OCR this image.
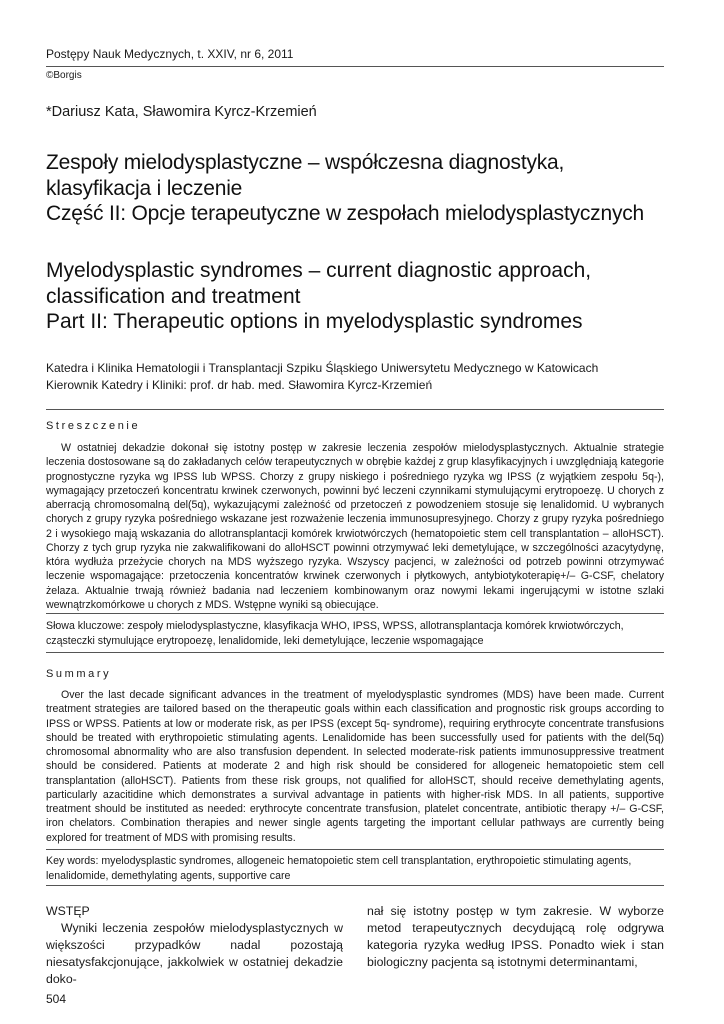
Postępy Nauk Medycznych, t. XXIV, nr 6, 2011
©Borgis
*Dariusz Kata, Sławomira Kyrcz-Krzemień
Zespoły mielodysplastyczne – współczesna diagnostyka,
klasyfikacja i leczenie
Część II: Opcje terapeutyczne w zespołach mielodysplastycznych
Myelodysplastic syndromes – current diagnostic approach,
classification and treatment
Part II: Therapeutic options in myelodysplastic syndromes
Katedra i Klinika Hematologii i Transplantacji Szpiku Śląskiego Uniwersytetu Medycznego w Katowicach
Kierownik Katedry i Kliniki: prof. dr hab. med. Sławomira Kyrcz-Krzemień
Streszczenie

W ostatniej dekadzie dokonał się istotny postęp w zakresie leczenia zespołów mielodysplastycznych. Aktualnie strategie leczenia dostosowane są do zakładanych celów terapeutycznych w obrębie każdej z grup klasyfikacyjnych i uwzględniają kategorie prognostyczne ryzyka wg IPSS lub WPSS. Chorzy z grupy niskiego i pośredniego ryzyka wg IPSS (z wyjątkiem zespołu 5q-), wymagający przetoczeń koncentratu krwinek czerwonych, powinni być leczeni czynnikami stymulującymi erytropoezę. U chorych z aberracją chromosomalną del(5q), wykazującymi zależność od przetoczeń z powodzeniem stosuje się lenalidomid. U wybranych chorych z grupy ryzyka pośredniego wskazane jest rozważenie leczenia immunosupresyjnego. Chorzy z grupy ryzyka pośredniego 2 i wysokiego mają wskazania do allotransplantacji komórek krwiotwórczych (hematopoietic stem cell transplantation – alloHSCT). Chorzy z tych grup ryzyka nie zakwalifikowani do alloHSCT powinni otrzymywać leki demetylujące, w szczególności azacytydynę, która wydłuża przeżycie chorych na MDS wyższego ryzyka. Wszyscy pacjenci, w zależności od potrzeb powinni otrzymywać leczenie wspomagające: przetoczenia koncentratów krwinek czerwonych i płytkowych, antybiotykoterapię+/– G-CSF, chelatory żelaza. Aktualnie trwają również badania nad leczeniem kombinowanym oraz nowymi lekami ingerującymi w istotne szlaki wewnątrzkomórkowe u chorych z MDS. Wstępne wyniki są obiecujące.

Słowa kluczowe: zespoły mielodysplastyczne, klasyfikacja WHO, IPSS, WPSS, allotransplantacja komórek krwiotwórczych, cząsteczki stymulujące erytropoezę, lenalidomide, leki demetylujące, leczenie wspomagające
Summary

Over the last decade significant advances in the treatment of myelodysplastic syndromes (MDS) have been made. Current treatment strategies are tailored based on the therapeutic goals within each classification and prognostic risk groups according to IPSS or WPSS. Patients at low or moderate risk, as per IPSS (except 5q- syndrome), requiring erythrocyte concentrate transfusions should be treated with erythropoietic stimulating agents. Lenalidomide has been successfully used for patients with the del(5q) chromosomal abnormality who are also transfusion dependent. In selected moderate-risk patients immunosuppressive treatment should be considered. Patients at moderate 2 and high risk should be considered for allogeneic hematopoietic stem cell transplantation (alloHSCT). Patients from these risk groups, not qualified for alloHSCT, should receive demethylating agents, particularly azacitidine which demonstrates a survival advantage in patients with higher-risk MDS. In all patients, supportive treatment should be instituted as needed: erythrocyte concentrate transfusion, platelet concentrate, antibiotic therapy +/– G-CSF, iron chelators. Combination therapies and newer single agents targeting the important cellular pathways are currently being explored for treatment of MDS with promising results.

Key words: myelodysplastic syndromes, allogeneic hematopoietic stem cell transplantation, erythropoietic stimulating agents, lenalidomide, demethylating agents, supportive care
WSTĘP

Wyniki leczenia zespołów mielodysplastycznych w większości przypadków nadal pozostają niesatysfakcjonujące, jakkolwiek w ostatniej dekadzie doko-

nał się istotny postęp w tym zakresie. W wyborze metod terapeutycznych decydującą rolę odgrywa kategoria ryzyka według IPSS. Ponadto wiek i stan biologiczny pacjenta są istotnymi determinantami,

504
